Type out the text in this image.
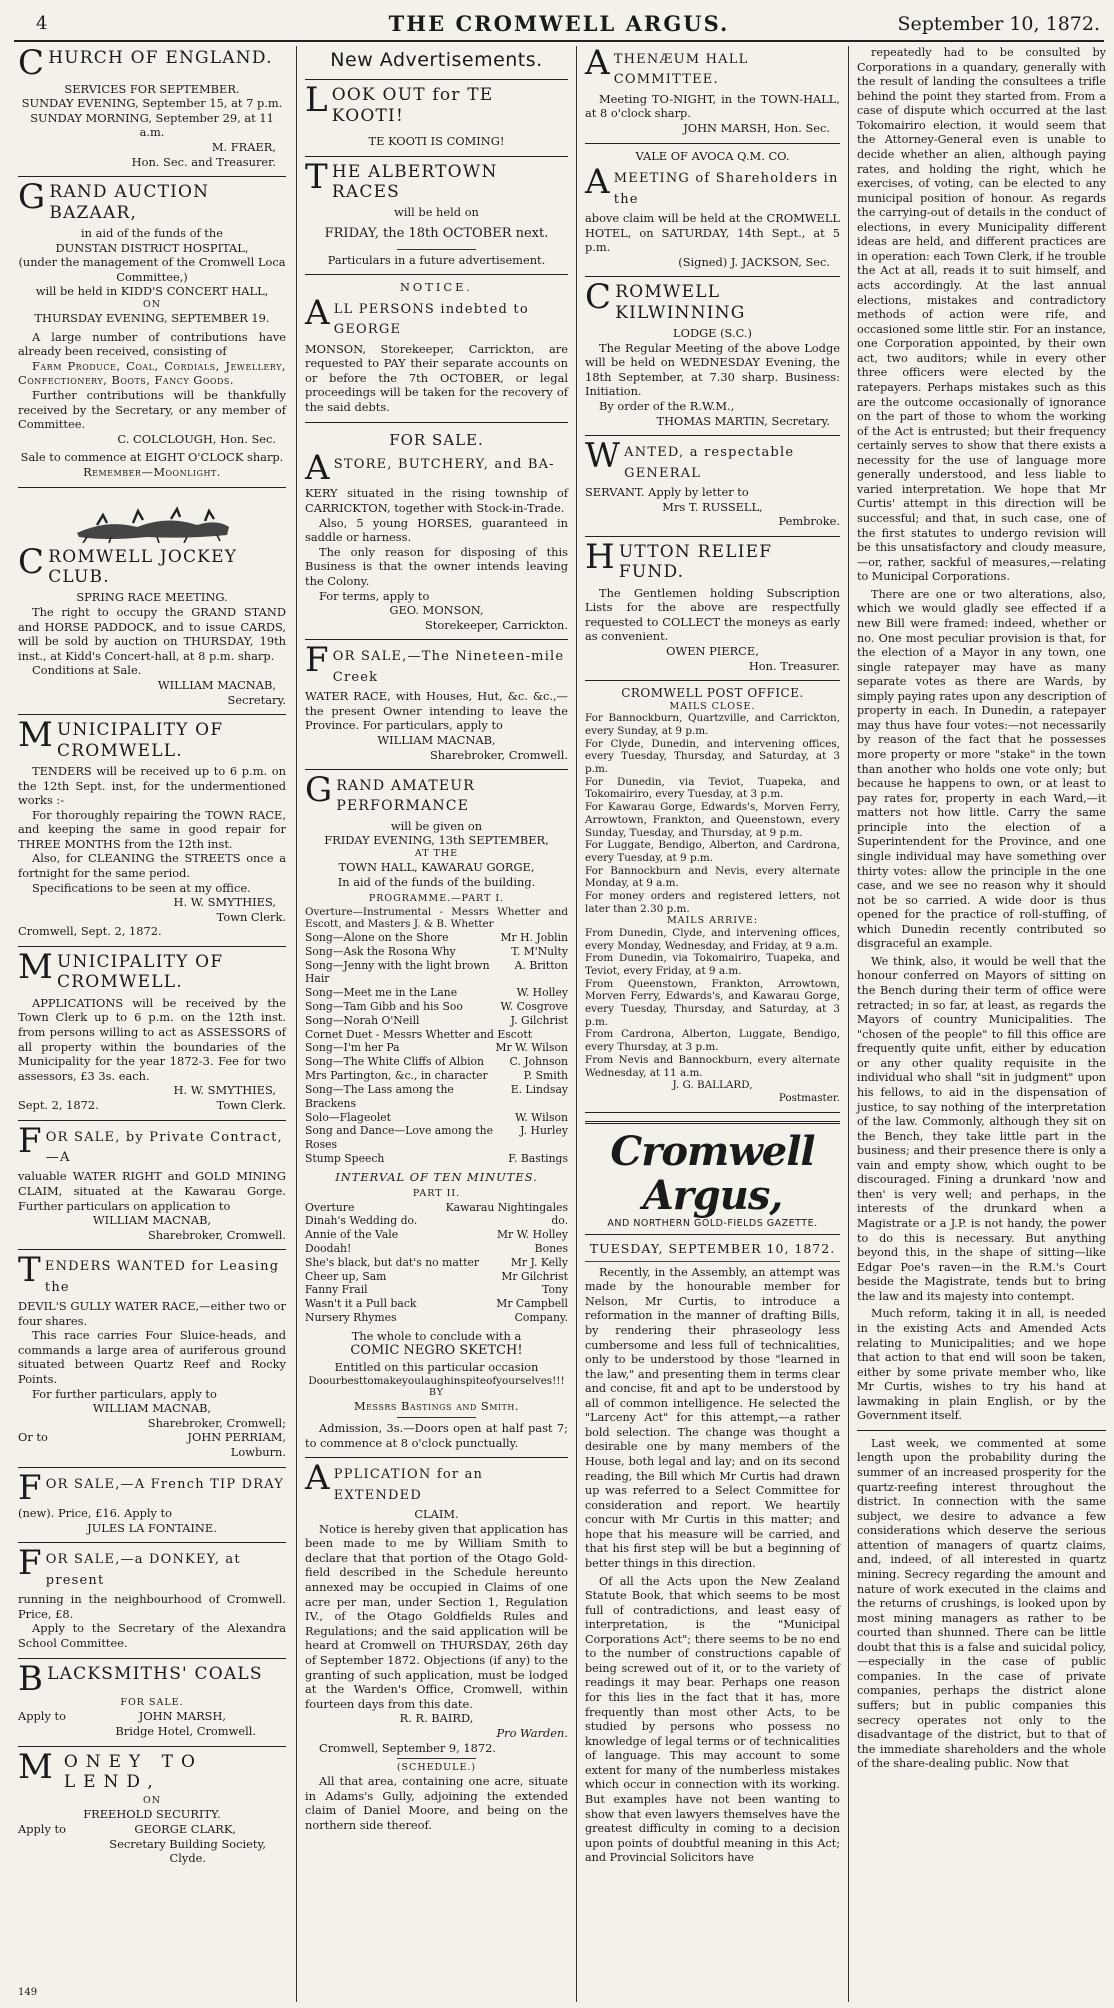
4	THE CROMWELL ARGUS.	September 10, 1872.
CHURCH OF ENGLAND.
SERVICES FOR SEPTEMBER.
SUNDAY EVENING, September 15, at 7 p.m.
SUNDAY MORNING, September 29, at 11 a.m.
M. FRAER,
Hon. Sec. and Treasurer.
GRAND AUCTION BAZAAR,
in aid of the funds of the
DUNSTAN DISTRICT HOSPITAL,
(under the management of the Cromwell Loca Committee,)
will be held in KIDD'S CONCERT HALL,
ON
THURSDAY EVENING, SEPTEMBER 19.
A large number of contributions have already been received, consisting of
Farm Produce, Coal, Cordials, Jewellery, Confectionery, Boots, Fancy Goods.
Further contributions will be thankfully received by the Secretary, or any member of Committee.
C. COLCLOUGH, Hon. Sec.
Sale to commence at EIGHT O'CLOCK sharp.
Remember—Moonlight.
CROMWELL JOCKEY CLUB.
SPRING RACE MEETING.
The right to occupy the GRAND STAND and HORSE PADDOCK, and to issue CARDS, will be sold by auction on THURSDAY, 19th inst., at Kidd's Concert-hall, at 8 p.m. sharp.
Conditions at Sale.
WILLIAM MACNAB,
Secretary.
MUNICIPALITY OF CROMWELL.
TENDERS will be received up to 6 p.m. on the 12th Sept. inst, for the undermentioned works :-
For thoroughly repairing the TOWN RACE, and keeping the same in good repair for THREE MONTHS from the 12th inst.
Also, for CLEANING the STREETS once a fortnight for the same period.
Specifications to be seen at my office.
H. W. SMYTHIES,
Town Clerk.
Cromwell, Sept. 2, 1872.
MUNICIPALITY OF CROMWELL.
APPLICATIONS will be received by the Town Clerk up to 6 p.m. on the 12th inst. from persons willing to act as ASSESSORS of all property within the boundaries of the Municipality for the year 1872-3. Fee for two assessors, £3 3s. each.
H. W. SMYTHIES,
Sept. 2, 1872.	Town Clerk.
FOR SALE, by Private Contract,—A
valuable WATER RIGHT and GOLD MINING CLAIM, situated at the Kawarau Gorge. Further particulars on application to
WILLIAM MACNAB,
Sharebroker, Cromwell.
TENDERS WANTED for Leasing the
DEVIL'S GULLY WATER RACE,—either two or four shares.
This race carries Four Sluice-heads, and commands a large area of auriferous ground situated between Quartz Reef and Rocky Points.
For further particulars, apply to
WILLIAM MACNAB,
Sharebroker, Cromwell;
Or to	JOHN PERRIAM,
Lowburn.
FOR SALE,—A French TIP DRAY
(new). Price, £16. Apply to
JULES LA FONTAINE.
FOR SALE,—a DONKEY, at present
running in the neighbourhood of Cromwell. Price, £8.
Apply to the Secretary of the Alexandra School Committee.
BLACKSMITHS' COALS
FOR SALE.
Apply to	JOHN MARSH,
Bridge Hotel, Cromwell.
MONEY TO LEND,
ON
FREEHOLD SECURITY.
Apply to	GEORGE CLARK,
Secretary Building Society,
Clyde.
New Advertisements.
LOOK OUT for TE KOOTI!
TE KOOTI IS COMING!
THE ALBERTOWN RACES
will be held on
FRIDAY, the 18th OCTOBER next.
Particulars in a future advertisement.
NOTICE.
ALL PERSONS indebted to GEORGE
MONSON, Storekeeper, Carrickton, are requested to PAY their separate accounts on or before the 7th OCTOBER, or legal proceedings will be taken for the recovery of the said debts.
FOR SALE.
ASTORE, BUTCHERY, and BA-
KERY situated in the rising township of CARRICKTON, together with Stock-in-Trade.
Also, 5 young HORSES, guaranteed in saddle or harness.
The only reason for disposing of this Business is that the owner intends leaving the Colony.
For terms, apply to
GEO. MONSON,
Storekeeper, Carrickton.
FOR SALE,—The Nineteen-mile Creek
WATER RACE, with Houses, Hut, &c. &c.,—the present Owner intending to leave the Province. For particulars, apply to
WILLIAM MACNAB,
Sharebroker, Cromwell.
GRAND AMATEUR PERFORMANCE
will be given on
FRIDAY EVENING, 13th SEPTEMBER,
AT THE
TOWN HALL, KAWARAU GORGE,
In aid of the funds of the building.
PROGRAMME.—PART I.
Overture—Instrumental - Messrs Whetter and Escott, and Masters J. & B. Whetter
Song—Alone on the Shore	Mr H. Joblin
Song—Ask the Rosona Why	T. M'Nulty
Song—Jenny with the light brown Hair
A. Britton
Song—Meet me in the Lane	W. Holley
Song—Tam Gibb and his Soo	W. Cosgrove
Song—Norah O'Neill	J. Gilchrist
Cornet Duet - Messrs Whetter and Escott
Song—I'm her Pa	Mr W. Wilson
Song—The White Cliffs of Albion C. Johnson
Mrs Partington, &c., in character	P. Smith
Song—The Lass among the Brackens
E. Lindsay
Solo—Flageolet	W. Wilson
Song and Dance—Love among the Roses
J. Hurley
Stump Speech	F. Bastings
INTERVAL OF TEN MINUTES.
PART II.
Overture	Kawarau Nightingales
Dinah's Wedding do.	do.
Annie of the Vale	Mr W. Holley
Doodah!	Bones
She's black, but dat's no matter	Mr J. Kelly
Cheer up, Sam	Mr Gilchrist
Fanny Frail	Tony
Wasn't it a Pull back	Mr Campbell
Nursery Rhymes	Company.
The whole to conclude with a
COMIC NEGRO SKETCH!
Entitled on this particular occasion
Doourbesttomakeyoulaughinspiteofyourselves!!!
BY
Messrs Bastings and Smith.
Admission, 3s.—Doors open at half past 7; to commence at 8 o'clock punctually.
APPLICATION for an EXTENDED
CLAIM.
Notice is hereby given that application has been made to me by William Smith to declare that that portion of the Otago Gold-field described in the Schedule hereunto annexed may be occupied in Claims of one acre per man, under Section 1, Regulation IV., of the Otago Goldfields Rules and Regulations; and the said application will be heard at Cromwell on THURSDAY, 26th day of September 1872. Objections (if any) to the granting of such application, must be lodged at the Warden's Office, Cromwell, within fourteen days from this date.
R. R. BAIRD,
Pro Warden.
Cromwell, September 9, 1872.
(SCHEDULE.)
All that area, containing one acre, situate in Adams's Gully, adjoining the extended claim of Daniel Moore, and being on the northern side thereof.
ATHENÆUM HALL COMMITTEE.
Meeting TO-NIGHT, in the TOWN-HALL, at 8 o'clock sharp.
JOHN MARSH, Hon. Sec.
VALE OF AVOCA Q.M. CO.
AMEETING of Shareholders in the
above claim will be held at the CROMWELL HOTEL, on SATURDAY, 14th Sept., at 5 p.m.
(Signed) J. JACKSON, Sec.
CROMWELL KILWINNING
LODGE (S.C.)
The Regular Meeting of the above Lodge will be held on WEDNESDAY Evening, the 18th September, at 7.30 sharp. Business: Initiation.
By order of the R.W.M.,
THOMAS MARTIN, Secretary.
WANTED, a respectable GENERAL
SERVANT. Apply by letter to
Mrs T. RUSSELL,
Pembroke.
HUTTON RELIEF FUND.
The Gentlemen holding Subscription Lists for the above are respectfully requested to COLLECT the moneys as early as convenient.
OWEN PIERCE,
Hon. Treasurer.
CROMWELL POST OFFICE.
MAILS CLOSE.
For Bannockburn, Quartzville, and Carrickton, every Sunday, at 9 p.m.
For Clyde, Dunedin, and intervening offices, every Tuesday, Thursday, and Saturday, at 3 p.m.
For Dunedin, via Teviot, Tuapeka, and Tokomairiro, every Tuesday, at 3 p.m.
For Kawarau Gorge, Edwards's, Morven Ferry, Arrowtown, Frankton, and Queenstown, every Sunday, Tuesday, and Thursday, at 9 p.m.
For Luggate, Bendigo, Alberton, and Cardrona, every Tuesday, at 9 p.m.
For Bannockburn and Nevis, every alternate Monday, at 9 a.m.
For money orders and registered letters, not later than 2.30 p.m.
MAILS ARRIVE:
From Dunedin, Clyde, and intervening offices, every Monday, Wednesday, and Friday, at 9 a.m.
From Dunedin, via Tokomairiro, Tuapeka, and Teviot, every Friday, at 9 a.m.
From Queenstown, Frankton, Arrowtown, Morven Ferry, Edwards's, and Kawarau Gorge, every Tuesday, Thursday, and Saturday, at 3 p.m.
From Cardrona, Alberton, Luggate, Bendigo, every Thursday, at 3 p.m.
From Nevis and Bannockburn, every alternate Wednesday, at 11 a.m.
J. G. BALLARD,
Postmaster.
Cromwell Argus,
AND NORTHERN GOLD-FIELDS GAZETTE.
TUESDAY, SEPTEMBER 10, 1872.

Recently, in the Assembly, an attempt was made by the honourable member for Nelson, Mr Curtis, to introduce a reformation in the manner of drafting Bills, by rendering their phraseology less cumbersome and less full of technicalities, only to be understood by those "learned in the law," and presenting them in terms clear and concise, fit and apt to be understood by all of common intelligence. He selected the "Larceny Act" for this attempt,—a rather bold selection. The change was thought a desirable one by many members of the House, both legal and lay; and on its second reading, the Bill which Mr Curtis had drawn up was referred to a Select Committee for consideration and report. We heartily concur with Mr Curtis in this matter; and hope that his measure will be carried, and that his first step will be but a beginning of better things in this direction.

Of all the Acts upon the New Zealand Statute Book, that which seems to be most full of contradictions, and least easy of interpretation, is the "Municipal Corporations Act"; there seems to be no end to the number of constructions capable of being screwed out of it, or to the variety of readings it may bear. Perhaps one reason for this lies in the fact that it has, more frequently than most other Acts, to be studied by persons who possess no knowledge of legal terms or of technicalities of language. This may account to some extent for many of the numberless mistakes which occur in connection with its working. But examples have not been wanting to show that even lawyers themselves have the greatest difficulty in coming to a decision upon points of doubtful meaning in this Act; and Provincial Solicitors have

repeatedly had to be consulted by Corporations in a quandary, generally with the result of landing the consultees a trifle behind the point they started from. From a case of dispute which occurred at the last Tokomairiro election, it would seem that the Attorney-General even is unable to decide whether an alien, although paying rates, and holding the right, which he exercises, of voting, can be elected to any municipal position of honour. As regards the carrying-out of details in the conduct of elections, in every Municipality different ideas are held, and different practices are in operation: each Town Clerk, if he trouble the Act at all, reads it to suit himself, and acts accordingly. At the last annual elections, mistakes and contradictory methods of action were rife, and occasioned some little stir. For an instance, one Corporation appointed, by their own act, two auditors; while in every other three officers were elected by the ratepayers. Perhaps mistakes such as this are the outcome occasionally of ignorance on the part of those to whom the working of the Act is entrusted; but their frequency certainly serves to show that there exists a necessity for the use of language more generally understood, and less liable to varied interpretation. We hope that Mr Curtis' attempt in this direction will be successful; and that, in such case, one of the first statutes to undergo revision will be this unsatisfactory and cloudy measure, —or, rather, sackful of measures,—relating to Municipal Corporations.

There are one or two alterations, also, which we would gladly see effected if a new Bill were framed: indeed, whether or no. One most peculiar provision is that, for the election of a Mayor in any town, one single ratepayer may have as many separate votes as there are Wards, by simply paying rates upon any description of property in each. In Dunedin, a ratepayer may thus have four votes:—not necessarily by reason of the fact that he possesses more property or more "stake" in the town than another who holds one vote only; but because he happens to own, or at least to pay rates for, property in each Ward,—it matters not how little. Carry the same principle into the election of a Superintendent for the Province, and one single individual may have something over thirty votes: allow the principle in the one case, and we see no reason why it should not be so carried. A wide door is thus opened for the practice of roll-stuffing, of which Dunedin recently contributed so disgraceful an example.

We think, also, it would be well that the honour conferred on Mayors of sitting on the Bench during their term of office were retracted; in so far, at least, as regards the Mayors of country Municipalities. The "chosen of the people" to fill this office are frequently quite unfit, either by education or any other quality requisite in the individual who shall "sit in judgment" upon his fellows, to aid in the dispensation of justice, to say nothing of the interpretation of the law. Commonly, although they sit on the Bench, they take little part in the business; and their presence there is only a vain and empty show, which ought to be discouraged. Fining a drunkard 'now and then' is very well; and perhaps, in the interests of the drunkard when a Magistrate or a J.P. is not handy, the power to do this is necessary. But anything beyond this, in the shape of sitting—like Edgar Poe's raven—in the R.M.'s Court beside the Magistrate, tends but to bring the law and its majesty into contempt.

Much reform, taking it in all, is needed in the existing Acts and Amended Acts relating to Municipalities; and we hope that action to that end will soon be taken, either by some private member who, like Mr Curtis, wishes to try his hand at lawmaking in plain English, or by the Government itself.

Last week, we commented at some length upon the probability during the summer of an increased prosperity for the quartz-reefing interest throughout the district. In connection with the same subject, we desire to advance a few considerations which deserve the serious attention of managers of quartz claims, and, indeed, of all interested in quartz mining. Secrecy regarding the amount and nature of work executed in the claims and the returns of crushings, is looked upon by most mining managers as rather to be courted than shunned. There can be little doubt that this is a false and suicidal policy,—especially in the case of public companies. In the case of private companies, perhaps the district alone suffers; but in public companies this secrecy operates not only to the disadvantage of the district, but to that of the immediate shareholders and the whole of the share-dealing public. Now that

149
